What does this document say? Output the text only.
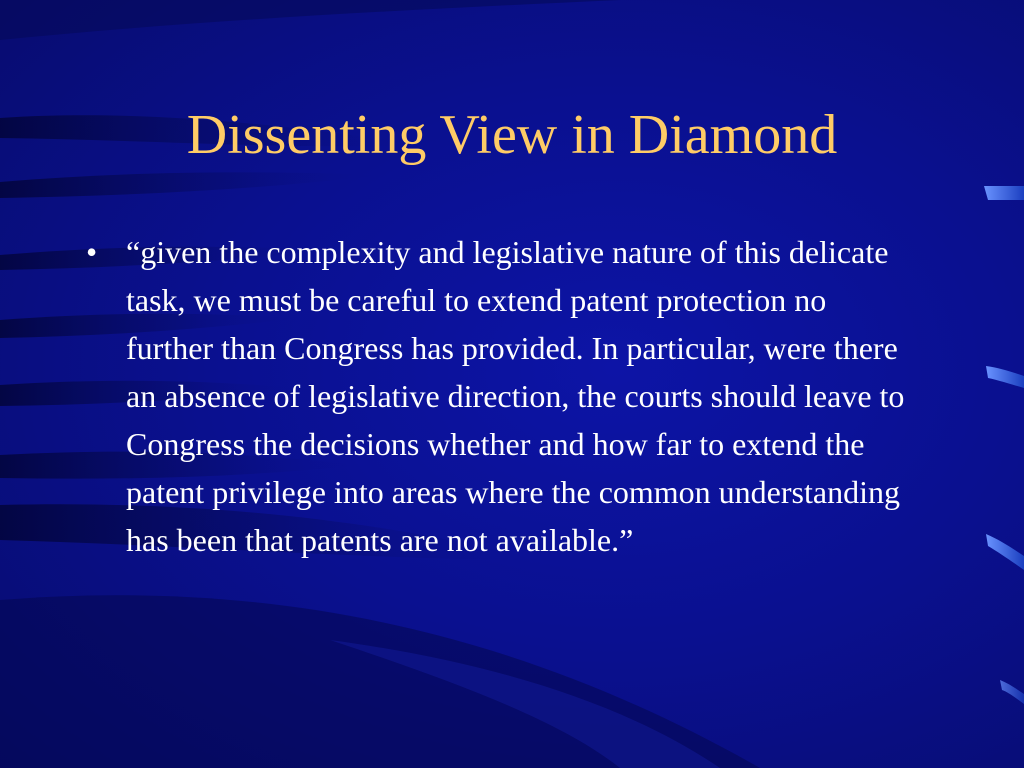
Dissenting View in Diamond
• “given the complexity and legislative nature of this delicate task, we must be careful to extend patent protection no further than Congress has provided. In particular, were there an absence of legislative direction, the courts should leave to Congress the decisions whether and how far to extend the patent privilege into areas where the common understanding has been that patents are not available.”
